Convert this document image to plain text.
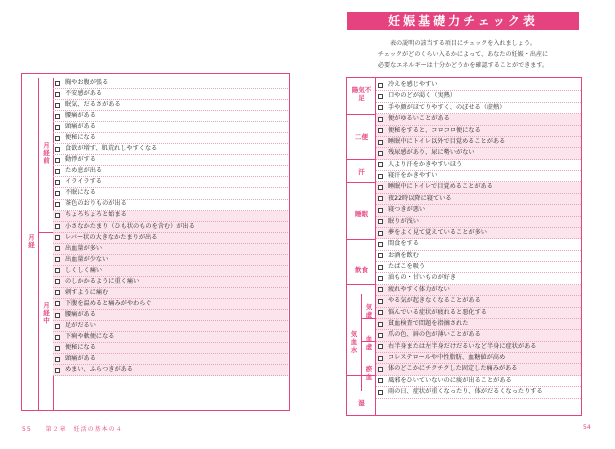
月経
月経前
月経中
胸やお腹が張る
不安感がある
眠気、だるさがある
腰痛がある
頭痛がある
便秘になる
食欲が増す、肌荒れしやすくなる
動悸がする
ため息が出る
イライラする
不眠になる
茶色のおりものが出る
ちょろちょろと始まる
小さなかたまり（ひも状のものを含む）が出る
レバー状の大きなかたまりが出る
出血量が多い
出血量が少ない
しくしく痛い
のしかかるように重く痛い
刺すように痛む
下腹を温めると痛みがやわらぐ
腰痛がある
足がだるい
下痢や軟便になる
便秘になる
頭痛がある
めまい、ふらつきがある
55　　第２章　妊活の基本の４
妊娠基礎力チェック表
表の説明の該当する項目にチェックを入れましょう。
チェックがどのくらい入るかによって、あなたの妊娠・出産に
必要なエネルギーは十分かどうかを確認することができます。
陽気不足
二便
汗
睡眠
飲食
気血水
気虚
血虚
瘀血
湿
冷えを感じやすい
口やのどが渇く（実熱）
手や顔がほてりやすく、のぼせる（虚熱）
便がゆるいことがある
便秘をすると、コロコロ便になる
睡眠中にトイレ以外で目覚めることがある
残尿感があり、尿に勢いがない
人より汗をかきやすいほう
寝汗をかきやすい
睡眠中にトイレで目覚めることがある
夜22時以降に寝ている
寝つきが悪い
眠りが浅い
夢をよく見て覚えていることが多い
間食をする
お酒を飲む
たばこを吸う
油もの・甘いものが好き
疲れやすく体力がない
やる気が起きなくなることがある
悩んでいる症状が疲れると悪化する
貧血検査で問題を指摘された
爪の色、唇の色が薄いことがある
右半身または左半身だけだるいなど半身に症状がある
コレステロールや中性脂肪、血糖値が高め
体のどこかにチクチクした固定した痛みがある
風邪をひいていないのに痰が出ることがある
雨の日、症状が重くなったり、体がだるくなったりする
54
